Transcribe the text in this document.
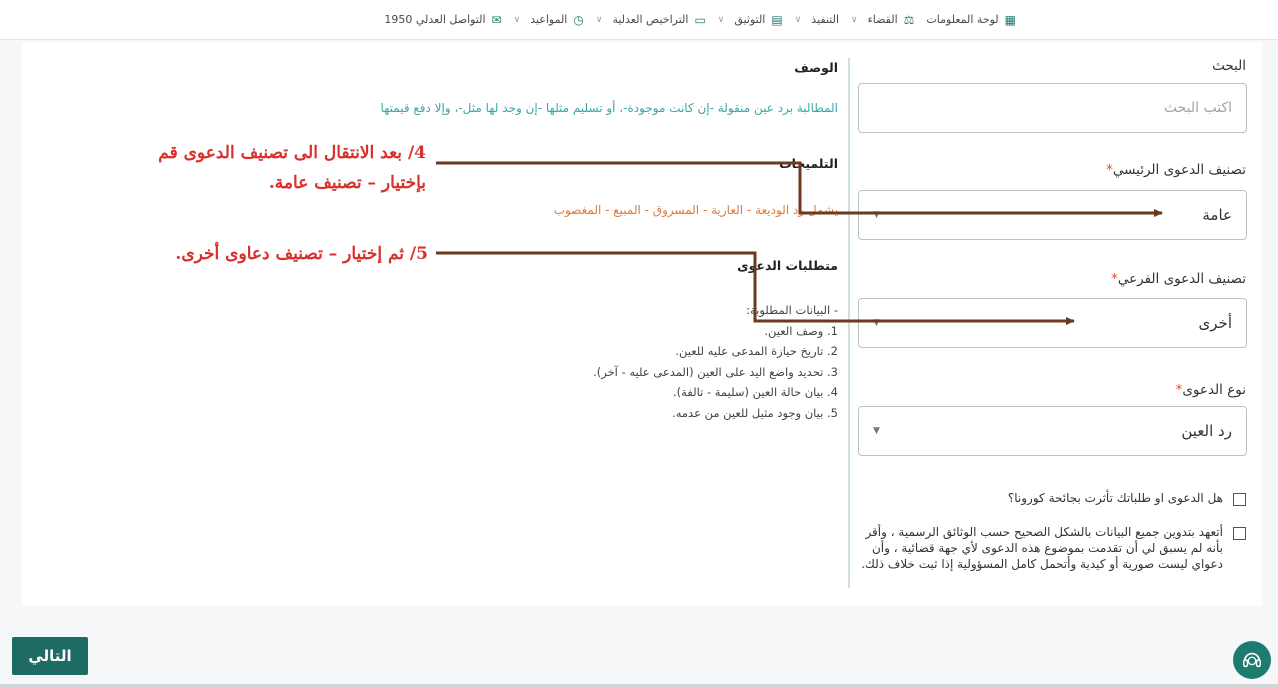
▦
لوحة المعلومات
⚖
القضاء
∨
التنفيذ
∨
▤
التوثيق
∨
▭
التراخيص العدلية
∨
◷
المواعيد
∨
✉
التواصل العدلي 1950
البحث
اكتب البحث
تصنيف الدعوى الرئيسي*
عامة
▼
تصنيف الدعوى الفرعي*
أخرى
▼
نوع الدعوى*
رد العين
▼
هل الدعوى او طلباتك تأثرت بجائحة كورونا؟
أتعهد بتدوين جميع البيانات بالشكل الصحيح حسب الوثائق الرسمية ، وأقر بأنه لم يسبق لي أن تقدمت بموضوع هذه الدعوى لأي جهة قضائية ، وأن دعواي ليست صورية أو كيدية وأتحمل كامل المسؤولية إذا ثبت خلاف ذلك.
الوصف
المطالبة برد عين منقولة -إن كانت موجودة-، أو تسليم مثلها -إن وجد لها مثل-، وإلا دفع قيمتها
التلميحات
يشمل رد الوديعة - العارية - المسروق - المبيع - المغصوب
متطلبات الدعوى
- البيانات المطلوبة:
1. وصف العين.
2. تاريخ حيازة المدعى عليه للعين.
3. تحديد واضع اليد على العين (المدعى عليه - آخر).
4. بيان حالة العين (سليمة - تالفة).
5. بيان وجود مثيل للعين من عدمه.
4/ بعد الانتقال الى تصنيف الدعوى قم
بإختيار – تصنيف عامة.
5/ ثم إختيار – تصنيف دعاوى أخرى.
التالي
